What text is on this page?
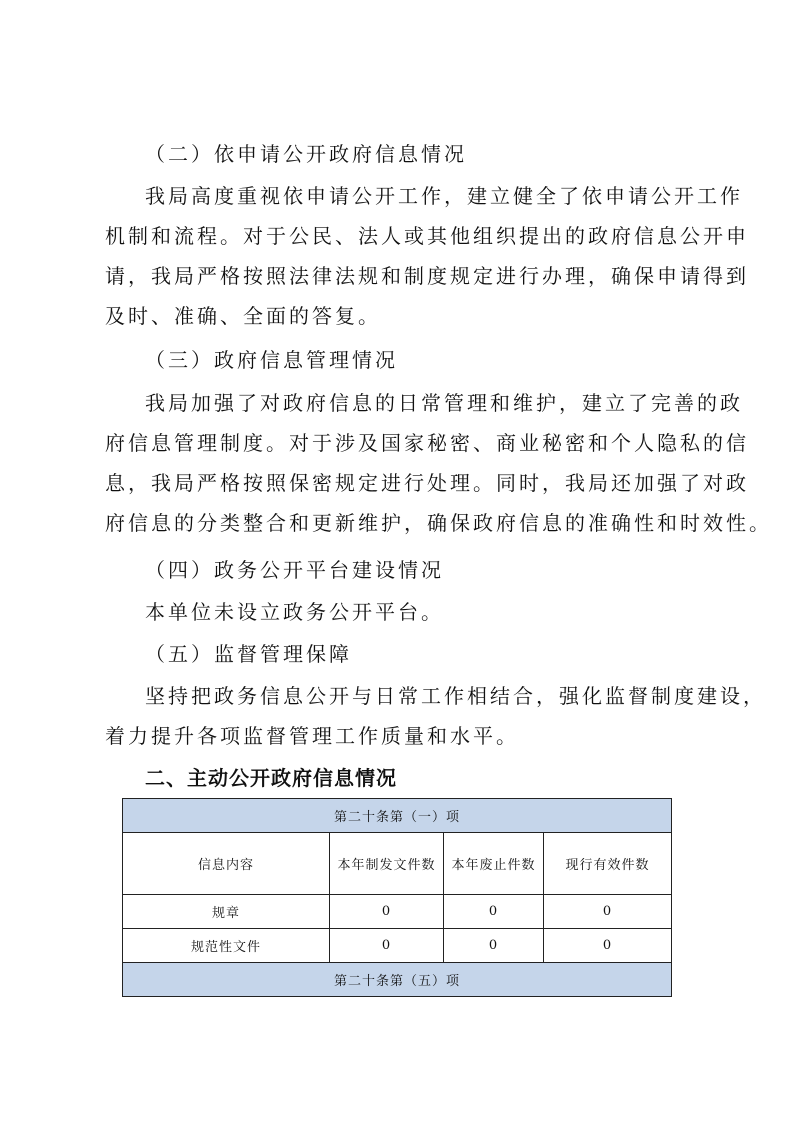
（二）依申请公开政府信息情况

我局高度重视依申请公开工作，建立健全了依申请公开工作
机制和流程。对于公民、法人或其他组织提出的政府信息公开申
请，我局严格按照法律法规和制度规定进行办理，确保申请得到
及时、准确、全面的答复。

（三）政府信息管理情况

我局加强了对政府信息的日常管理和维护，建立了完善的政
府信息管理制度。对于涉及国家秘密、商业秘密和个人隐私的信
息，我局严格按照保密规定进行处理。同时，我局还加强了对政
府信息的分类整合和更新维护，确保政府信息的准确性和时效性。

（四）政务公开平台建设情况

本单位未设立政务公开平台。

（五）监督管理保障

坚持把政务信息公开与日常工作相结合，强化监督制度建设，
着力提升各项监督管理工作质量和水平。

二、主动公开政府信息情况
第二十条第（一）项			
信息内容	本年制发文件数	本年废止件数	现行有效件数
规章	0	0	0
规范性文件	0	0	0
第二十条第（五）项			
